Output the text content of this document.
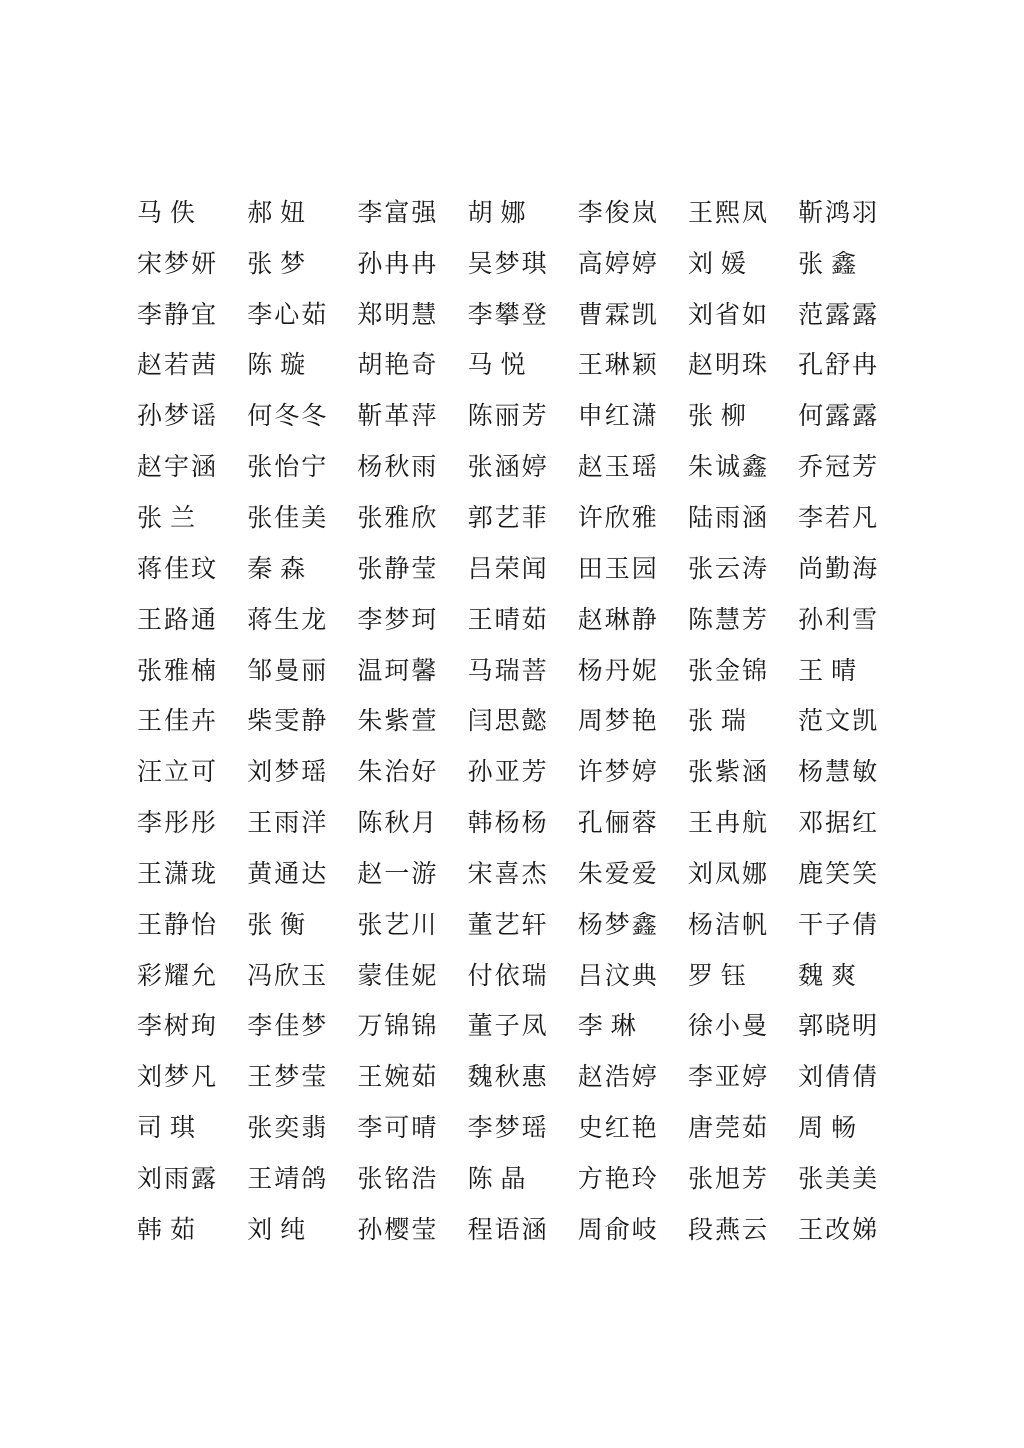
马 佚	郝 妞	李富强 胡 娜	李俊岚 王熙凤 靳鸿羽
宋梦妍 张 梦	孙冉冉 吴梦琪 高婷婷 刘 媛	张 鑫
李静宜 李心茹 郑明慧 李攀登 曹霖凯 刘省如 范露露
赵若茜 陈 璇	胡艳奇 马 悦	王琳颖 赵明珠 孔舒冉
孙梦谣 何冬冬 靳革萍 陈丽芳 申红潇 张 柳	何露露
赵宇涵 张怡宁 杨秋雨 张涵婷 赵玉瑶 朱诚鑫 乔冠芳
张 兰	张佳美 张雅欣 郭艺菲 许欣雅 陆雨涵 李若凡
蒋佳玟 秦 森	张静莹 吕荣闻 田玉园 张云涛 尚勤海
王路通 蒋生龙 李梦珂 王晴茹 赵琳静 陈慧芳 孙利雪
张雅楠 邹曼丽 温珂馨 马瑞菩 杨丹妮 张金锦 王 晴
王佳卉 柴雯静 朱紫萱 闫思懿 周梦艳 张 瑞	范文凯
汪立可 刘梦瑶 朱治好 孙亚芳 许梦婷 张紫涵 杨慧敏
李彤彤 王雨洋 陈秋月 韩杨杨 孔俪蓉 王冉航 邓据红
王潇珑 黄通达 赵一游 宋喜杰 朱爱爱 刘凤娜 鹿笑笑
王静怡 张 衡	张艺川 董艺轩 杨梦鑫 杨洁帆 干子倩
彩耀允 冯欣玉 蒙佳妮 付依瑞 吕汶典 罗 钰	魏 爽
李树珣 李佳梦 万锦锦 董子凤 李 琳	徐小曼 郭晓明
刘梦凡 王梦莹 王婉茹 魏秋惠 赵浩婷 李亚婷 刘倩倩
司 琪	张奕翡 李可晴 李梦瑶 史红艳 唐莞茹 周 畅
刘雨露 王靖鸽 张铭浩 陈 晶	方艳玲 张旭芳 张美美
韩 茹	刘 纯	孙樱莹 程语涵 周俞岐 段燕云 王改娣
